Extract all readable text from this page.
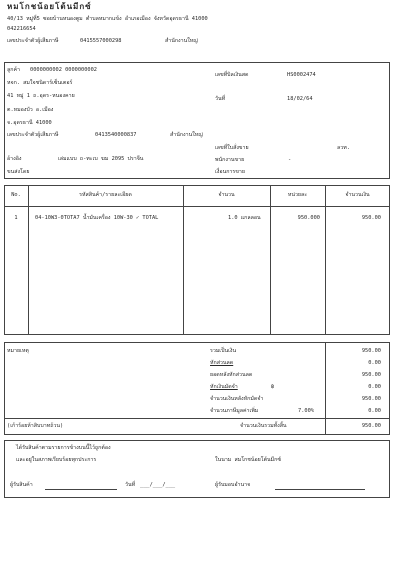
หมโกชน้อยโต้นมีกซ์
40/13 หมู่ที่5 ซอยบ้านหนองตูม ตำบลหมากแข้ง อำเภอเมือง จังหวัดอุดรธานี 41000
042216654
เลขประจำตัวผู้เสียภาษี	0415557000298	สำนักงานใหญ่
ลูกค้า 0000000002 0000000002
หจก. สมใจชนิดาร์เซ็นเตอร์
41 หมู่ 1 ถ.อุดร-หนองคาย
ต.หมองบัว อ.เมือง
จ.อุดรธานี 41000
เลขประจำตัวผู้เสียภาษี	0413540000837	สำนักงานใหญ่
อ้างอิง	เล่มแบบ ถ-ทะเบ ฆม 2095 ปราจีน
ขนส่งโดย
เลขที่บิลเงินสด	HS0002474
วันที่	18/02/64
เลขที่ใบสั่งขาย	ลวท.
พนักงานขาย	-
เงื่อนการขาย
No.	รหัสสินค้า/รายละเอียด	จำนวน	หน่วยละ	จำนวนเงิน
1	04-10W3-0TOTA7 น้ำมันเครื่อง 10W-30 ✓ TOTAL	1.0 แกลลอน	950.000	950.00
หมายเหตุ	รวมเป็นเงิน	950.00
หักส่วนลด	0.00
ยอดหลังหักส่วนลด	950.00
หักเงินมัดจำ	฿	0.00
จำนวนเงินหลังหักมัดจำ	950.00
จำนวนภาษีมูลค่าเพิ่ม	7.00%	0.00
(เก้าร้อยห้าสิบบาทถ้วน)	จำนวนเงินรวมทั้งสิ้น	950.00
ได้รับสินค้าตามรายการข้างบนนี้ไว้ถูกต้อง
และอยู่ในสภาพเรียบร้อยทุกประการ	ในนาม สมโกชน้อยโต้นมีกซ์
ผู้รับสินค้า	วันที่ ___/___/___	ผู้รับมอบอำนาจ
